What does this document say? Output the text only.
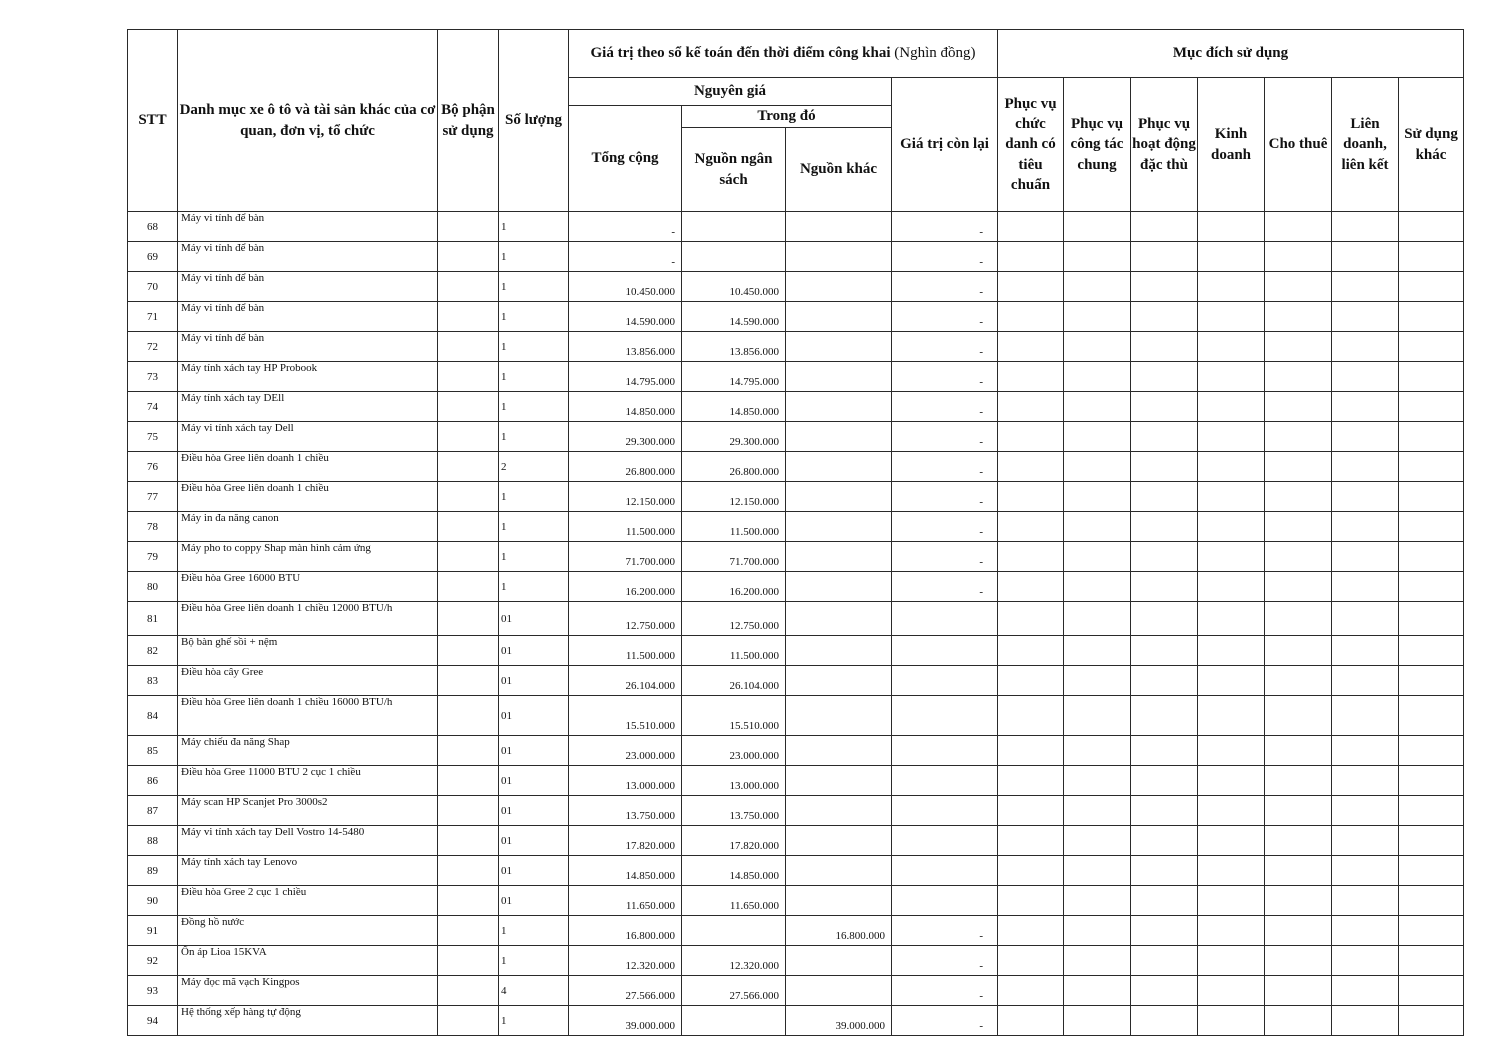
STT	Danh mục xe ô tô và tài sản khác của cơ quan, đơn vị, tổ chức	Bộ phận sử dụng	Số lượng	Giá trị theo sổ kế toán đến thời điểm công khai (Nghìn đồng)				Mục đích sử dụng						
				Nguyên giá			Giá trị còn lại	Phục vụ chức danh có tiêu chuẩn	Phục vụ công tác chung	Phục vụ hoạt động đặc thù	Kinh doanh	Cho thuê	Liên doanh, liên kết	Sử dụng khác
				Tổng cộng	Trong đó									
					Nguồn ngân sách	Nguồn khác								
68	Máy vi tính để bàn		1	-			-							
69	Máy vi tính để bàn		1	-			-							
70	Máy vi tính để bàn		1	10.450.000	10.450.000		-							
71	Máy vi tính để bàn		1	14.590.000	14.590.000		-							
72	Máy vi tính để bàn		1	13.856.000	13.856.000		-							
73	Máy tính xách tay HP Probook		1	14.795.000	14.795.000		-							
74	Máy tính xách tay DEll		1	14.850.000	14.850.000		-							
75	Máy vi tính xách tay Dell		1	29.300.000	29.300.000		-							
76	Điều hòa Gree liên doanh 1 chiều		2	26.800.000	26.800.000		-							
77	Điều hòa Gree liên doanh 1 chiều		1	12.150.000	12.150.000		-							
78	Máy in đa năng canon		1	11.500.000	11.500.000		-							
79	Máy pho to coppy Shap màn hình cảm ứng		1	71.700.000	71.700.000		-							
80	Điều hòa Gree 16000 BTU		1	16.200.000	16.200.000		-							
81	Điều hòa Gree liên doanh 1 chiều 12000 BTU/h		01	12.750.000	12.750.000									
82	Bộ bàn ghế sồi + nệm		01	11.500.000	11.500.000									
83	Điều hòa cây Gree		01	26.104.000	26.104.000									
84	Điều hòa Gree liên doanh 1 chiều 16000 BTU/h		01	15.510.000	15.510.000									
85	Máy chiếu đa năng Shap		01	23.000.000	23.000.000									
86	Điều hòa Gree 11000 BTU 2 cục 1 chiều		01	13.000.000	13.000.000									
87	Máy scan HP Scanjet Pro 3000s2		01	13.750.000	13.750.000									
88	Máy vi tính xách tay Dell Vostro 14-5480		01	17.820.000	17.820.000									
89	Máy tính xách tay Lenovo		01	14.850.000	14.850.000									
90	Điều hòa Gree 2 cục 1 chiều		01	11.650.000	11.650.000									
91	Đồng hồ nước		1	16.800.000		16.800.000	-							
92	Ổn áp Lioa 15KVA		1	12.320.000	12.320.000		-							
93	Máy đọc mã vạch Kingpos		4	27.566.000	27.566.000		-							
94	Hệ thống xếp hàng tự động		1	39.000.000		39.000.000	-							
